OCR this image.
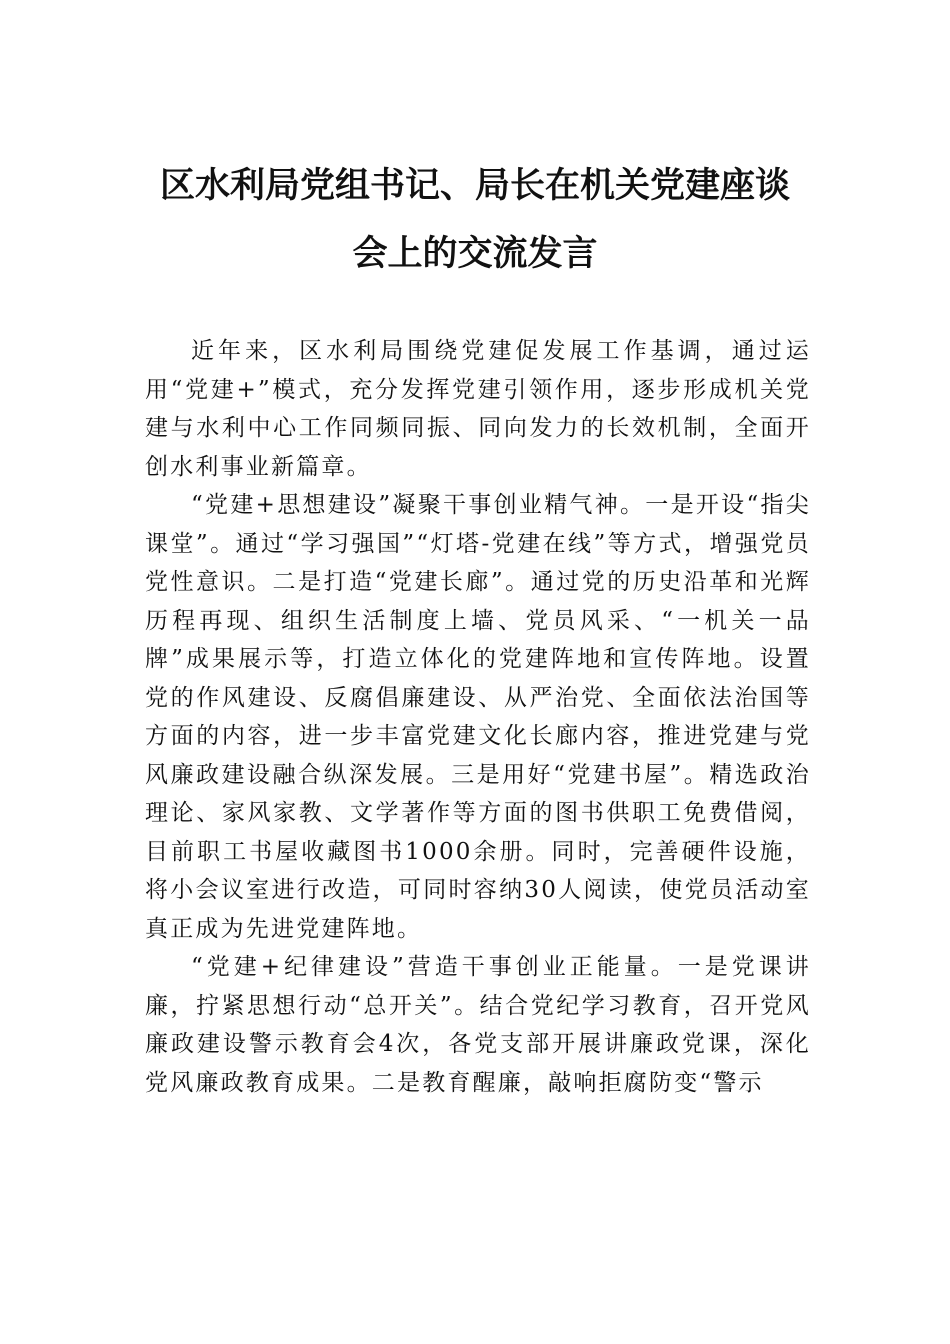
区水利局党组书记、局长在机关党建座谈
会上的交流发言

近年来，区水利局围绕党建促发展工作基调，通过运用“党建+”模式，充分发挥党建引领作用，逐步形成机关党建与水利中心工作同频同振、同向发力的长效机制，全面开创水利事业新篇章。

“党建+思想建设”凝聚干事创业精气神。一是开设“指尖课堂”。通过“学习强国”“灯塔-党建在线”等方式，增强党员党性意识。二是打造“党建长廊”。通过党的历史沿革和光辉历程再现、组织生活制度上墙、党员风采、“一机关一品牌”成果展示等，打造立体化的党建阵地和宣传阵地。设置党的作风建设、反腐倡廉建设、从严治党、全面依法治国等方面的内容，进一步丰富党建文化长廊内容，推进党建与党风廉政建设融合纵深发展。三是用好“党建书屋”。精选政治理论、家风家教、文学著作等方面的图书供职工免费借阅，目前职工书屋收藏图书1000余册。同时，完善硬件设施，将小会议室进行改造，可同时容纳30人阅读，使党员活动室真正成为先进党建阵地。

“党建+纪律建设”营造干事创业正能量。一是党课讲廉，拧紧思想行动“总开关”。结合党纪学习教育，召开党风廉政建设警示教育会4次，各党支部开展讲廉政党课，深化党风廉政教育成果。二是教育醒廉，敲响拒腐防变“警示
